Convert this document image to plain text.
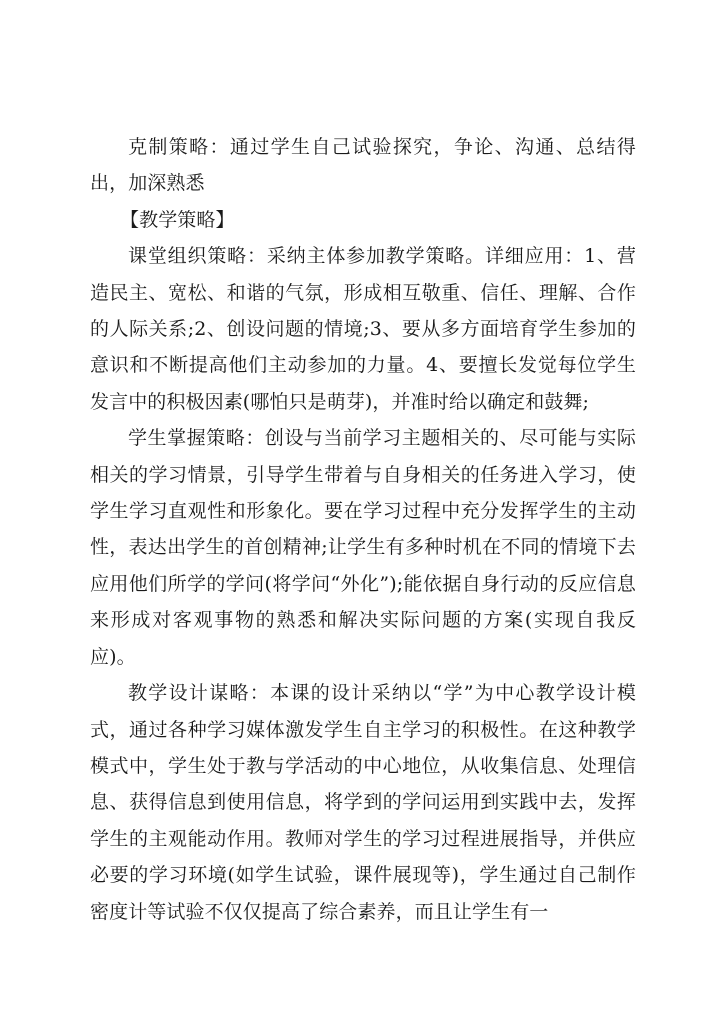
克制策略：通过学生自己试验探究，争论、沟通、总结得出，加深熟悉

【教学策略】

课堂组织策略：采纳主体参加教学策略。详细应用：1、营造民主、宽松、和谐的气氛，形成相互敬重、信任、理解、合作的人际关系;2、创设问题的情境;3、要从多方面培育学生参加的意识和不断提高他们主动参加的力量。4、要擅长发觉每位学生发言中的积极因素(哪怕只是萌芽)，并准时给以确定和鼓舞;

学生掌握策略：创设与当前学习主题相关的、尽可能与实际相关的学习情景，引导学生带着与自身相关的任务进入学习，使学生学习直观性和形象化。要在学习过程中充分发挥学生的主动性，表达出学生的首创精神;让学生有多种时机在不同的情境下去应用他们所学的学问(将学问“外化”);能依据自身行动的反应信息来形成对客观事物的熟悉和解决实际问题的方案(实现自我反应)。

教学设计谋略：本课的设计采纳以“学”为中心教学设计模式，通过各种学习媒体激发学生自主学习的积极性。在这种教学模式中，学生处于教与学活动的中心地位，从收集信息、处理信息、获得信息到使用信息，将学到的学问运用到实践中去，发挥学生的主观能动作用。教师对学生的学习过程进展指导，并供应必要的学习环境(如学生试验，课件展现等)，学生通过自己制作密度计等试验不仅仅提高了综合素养，而且让学生有一
